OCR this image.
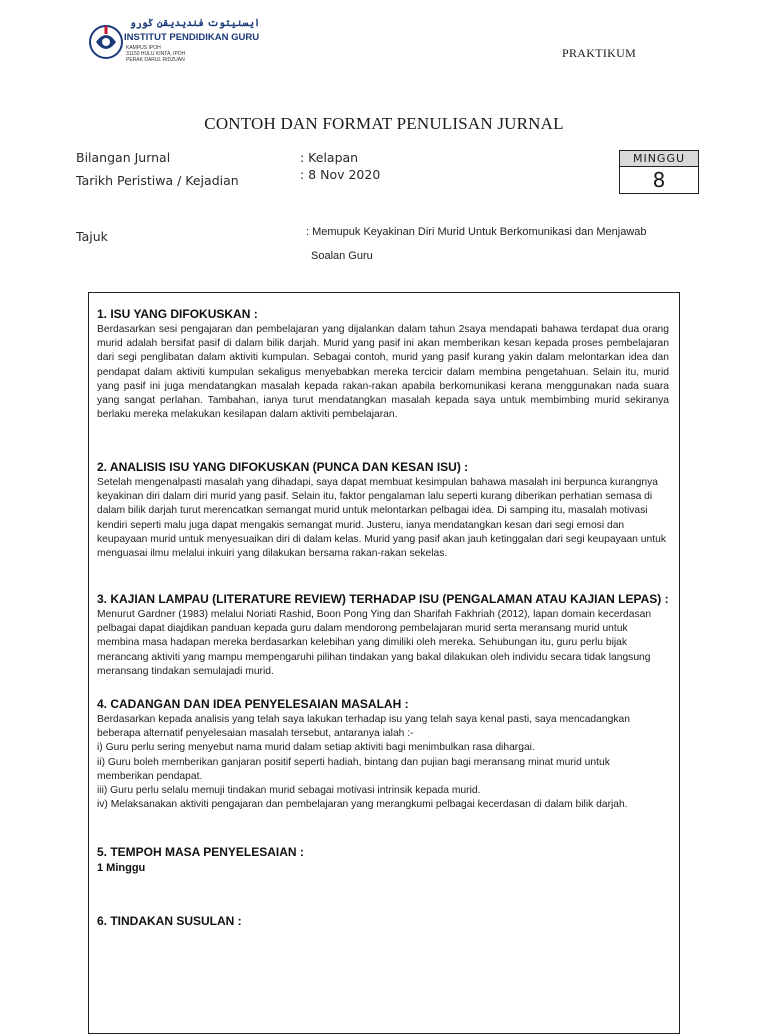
ايسنيتوت فنديديقن ݢورو
INSTITUT PENDIDIKAN GURU
KAMPUS IPOH
31150 HULU KINTA, IPOH
PERAK DARUL RIDZUAN	PRAKTIKUM
CONTOH DAN FORMAT PENULISAN JURNAL
Bilangan Jurnal	: Kelapan
Tarikh Peristiwa / Kejadian	: 8 Nov 2020
MINGGU
8
Tajuk	: Memupuk Keyakinan Diri Murid Untuk Berkomunikasi dan Menjawab
Soalan Guru
1. ISU YANG DIFOKUSKAN :
Berdasarkan sesi pengajaran dan pembelajaran yang dijalankan dalam tahun 2saya mendapati bahawa terdapat dua orang murid adalah bersifat pasif di dalam bilik darjah. Murid yang pasif ini akan memberikan kesan kepada proses pembelajaran dari segi penglibatan dalam aktiviti kumpulan. Sebagai contoh, murid yang pasif kurang yakin dalam melontarkan idea dan pendapat dalam aktiviti kumpulan sekaligus menyebabkan mereka tercicir dalam membina pengetahuan. Selain itu, murid yang pasif ini juga mendatangkan masalah kepada rakan-rakan apabila berkomunikasi kerana menggunakan nada suara yang sangat perlahan. Tambahan, ianya turut mendatangkan masalah kepada saya untuk membimbing murid sekiranya berlaku mereka melakukan kesilapan dalam aktiviti pembelajaran.
2. ANALISIS ISU YANG DIFOKUSKAN (PUNCA DAN KESAN ISU) :
Setelah mengenalpasti masalah yang dihadapi, saya dapat membuat kesimpulan bahawa masalah ini berpunca kurangnya keyakinan diri dalam diri murid yang pasif. Selain itu, faktor pengalaman lalu seperti kurang diberikan perhatian semasa di dalam bilik darjah turut merencatkan semangat murid untuk melontarkan pelbagai idea. Di samping itu, masalah motivasi kendiri seperti malu juga dapat mengakis semangat murid. Justeru, ianya mendatangkan kesan dari segi emosi dan keupayaan murid untuk menyesuaikan diri di dalam kelas. Murid yang pasif akan jauh ketinggalan dari segi keupayaan untuk menguasai ilmu melalui inkuiri yang dilakukan bersama rakan-rakan sekelas.
3. KAJIAN LAMPAU (LITERATURE REVIEW) TERHADAP ISU (PENGALAMAN ATAU KAJIAN LEPAS) :
Menurut Gardner (1983) melalui Noriati Rashid, Boon Pong Ying dan Sharifah Fakhriah (2012), lapan domain kecerdasan pelbagai dapat diajdikan panduan kepada guru dalam mendorong pembelajaran murid serta meransang murid untuk membina masa hadapan mereka berdasarkan kelebihan yang dimiliki oleh mereka. Sehubungan itu, guru perlu bijak merancang aktiviti yang mampu mempengaruhi pilihan tindakan yang bakal dilakukan oleh individu secara tidak langsung meransang tindakan semulajadi murid.
4. CADANGAN DAN IDEA PENYELESAIAN MASALAH :
Berdasarkan kepada analisis yang telah saya lakukan terhadap isu yang telah saya kenal pasti, saya mencadangkan beberapa alternatif penyelesaian masalah tersebut, antaranya ialah :-
i) Guru perlu sering menyebut nama murid dalam setiap aktiviti bagi menimbulkan rasa dihargai.
ii) Guru boleh memberikan ganjaran positif seperti hadiah, bintang dan pujian bagi meransang minat murid untuk memberikan pendapat.
iii) Guru perlu selalu memuji tindakan murid sebagai motivasi intrinsik kepada murid.
iv) Melaksanakan aktiviti pengajaran dan pembelajaran yang merangkumi pelbagai kecerdasan di dalam bilik darjah.
5. TEMPOH MASA PENYELESAIAN :
1 Minggu
6. TINDAKAN SUSULAN :
